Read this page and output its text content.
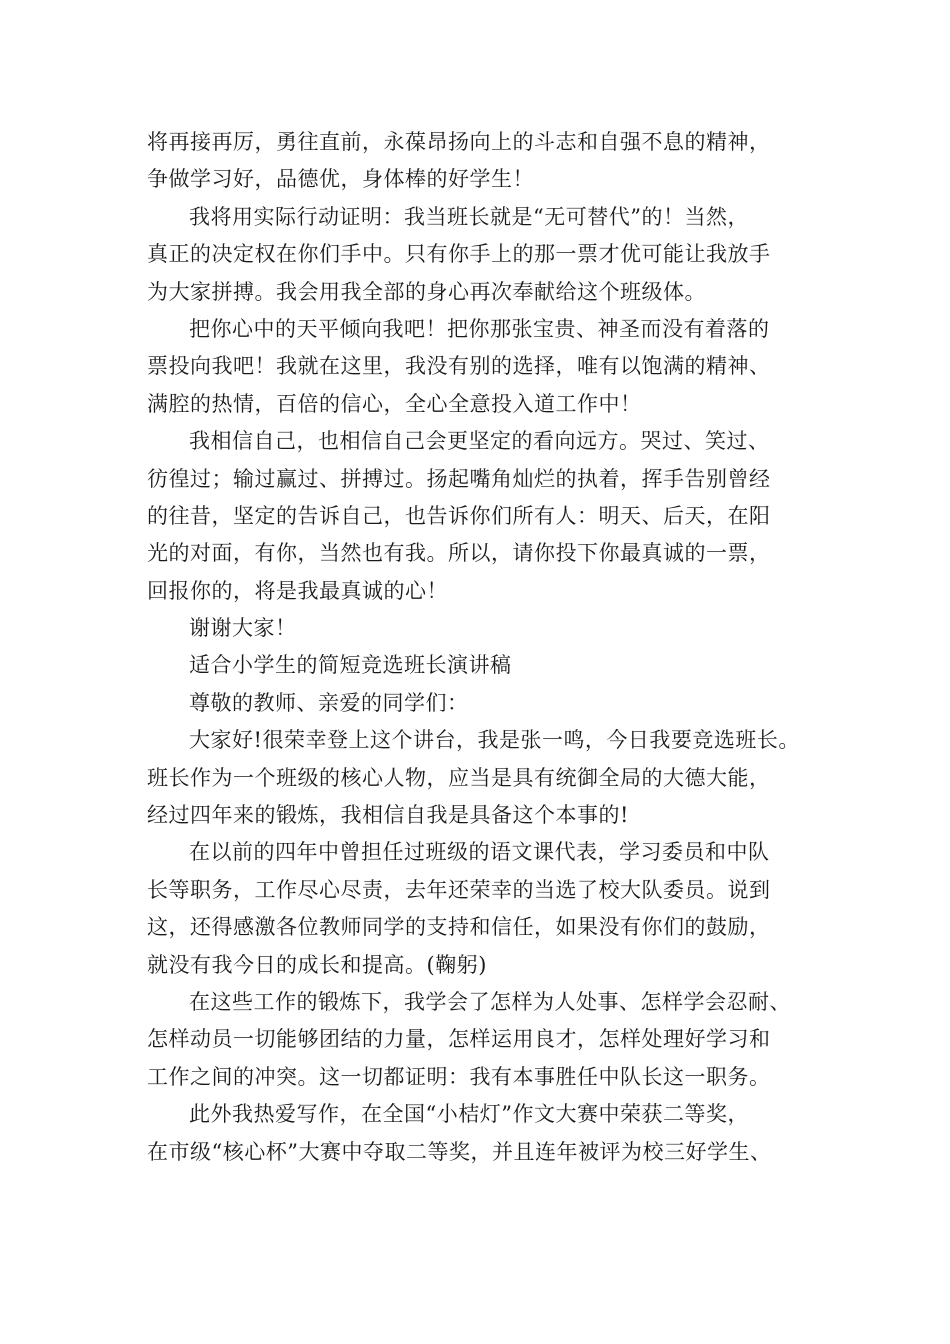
将再接再厉，勇往直前，永葆昂扬向上的斗志和自强不息的精神，
争做学习好，品德优，身体棒的好学生！
我将用实际行动证明：我当班长就是“无可替代”的！当然，
真正的决定权在你们手中。只有你手上的那一票才优可能让我放手
为大家拼搏。我会用我全部的身心再次奉献给这个班级体。
把你心中的天平倾向我吧！把你那张宝贵、神圣而没有着落的
票投向我吧！我就在这里，我没有别的选择，唯有以饱满的精神、
满腔的热情，百倍的信心，全心全意投入道工作中！
我相信自己，也相信自己会更坚定的看向远方。哭过、笑过、
彷徨过；输过赢过、拼搏过。扬起嘴角灿烂的执着，挥手告别曾经
的往昔，坚定的告诉自己，也告诉你们所有人：明天、后天，在阳
光的对面，有你，当然也有我。所以，请你投下你最真诚的一票，
回报你的，将是我最真诚的心！
谢谢大家！
适合小学生的简短竞选班长演讲稿
尊敬的教师、亲爱的同学们：
大家好!很荣幸登上这个讲台，我是张一鸣，今日我要竞选班长。
班长作为一个班级的核心人物，应当是具有统御全局的大德大能，
经过四年来的锻炼，我相信自我是具备这个本事的!
在以前的四年中曾担任过班级的语文课代表，学习委员和中队
长等职务，工作尽心尽责，去年还荣幸的当选了校大队委员。说到
这，还得感激各位教师同学的支持和信任，如果没有你们的鼓励，
就没有我今日的成长和提高。(鞠躬)
在这些工作的锻炼下，我学会了怎样为人处事、怎样学会忍耐、
怎样动员一切能够团结的力量，怎样运用良才，怎样处理好学习和
工作之间的冲突。这一切都证明：我有本事胜任中队长这一职务。
此外我热爱写作，在全国“小桔灯”作文大赛中荣获二等奖，
在市级“核心杯”大赛中夺取二等奖，并且连年被评为校三好学生、
